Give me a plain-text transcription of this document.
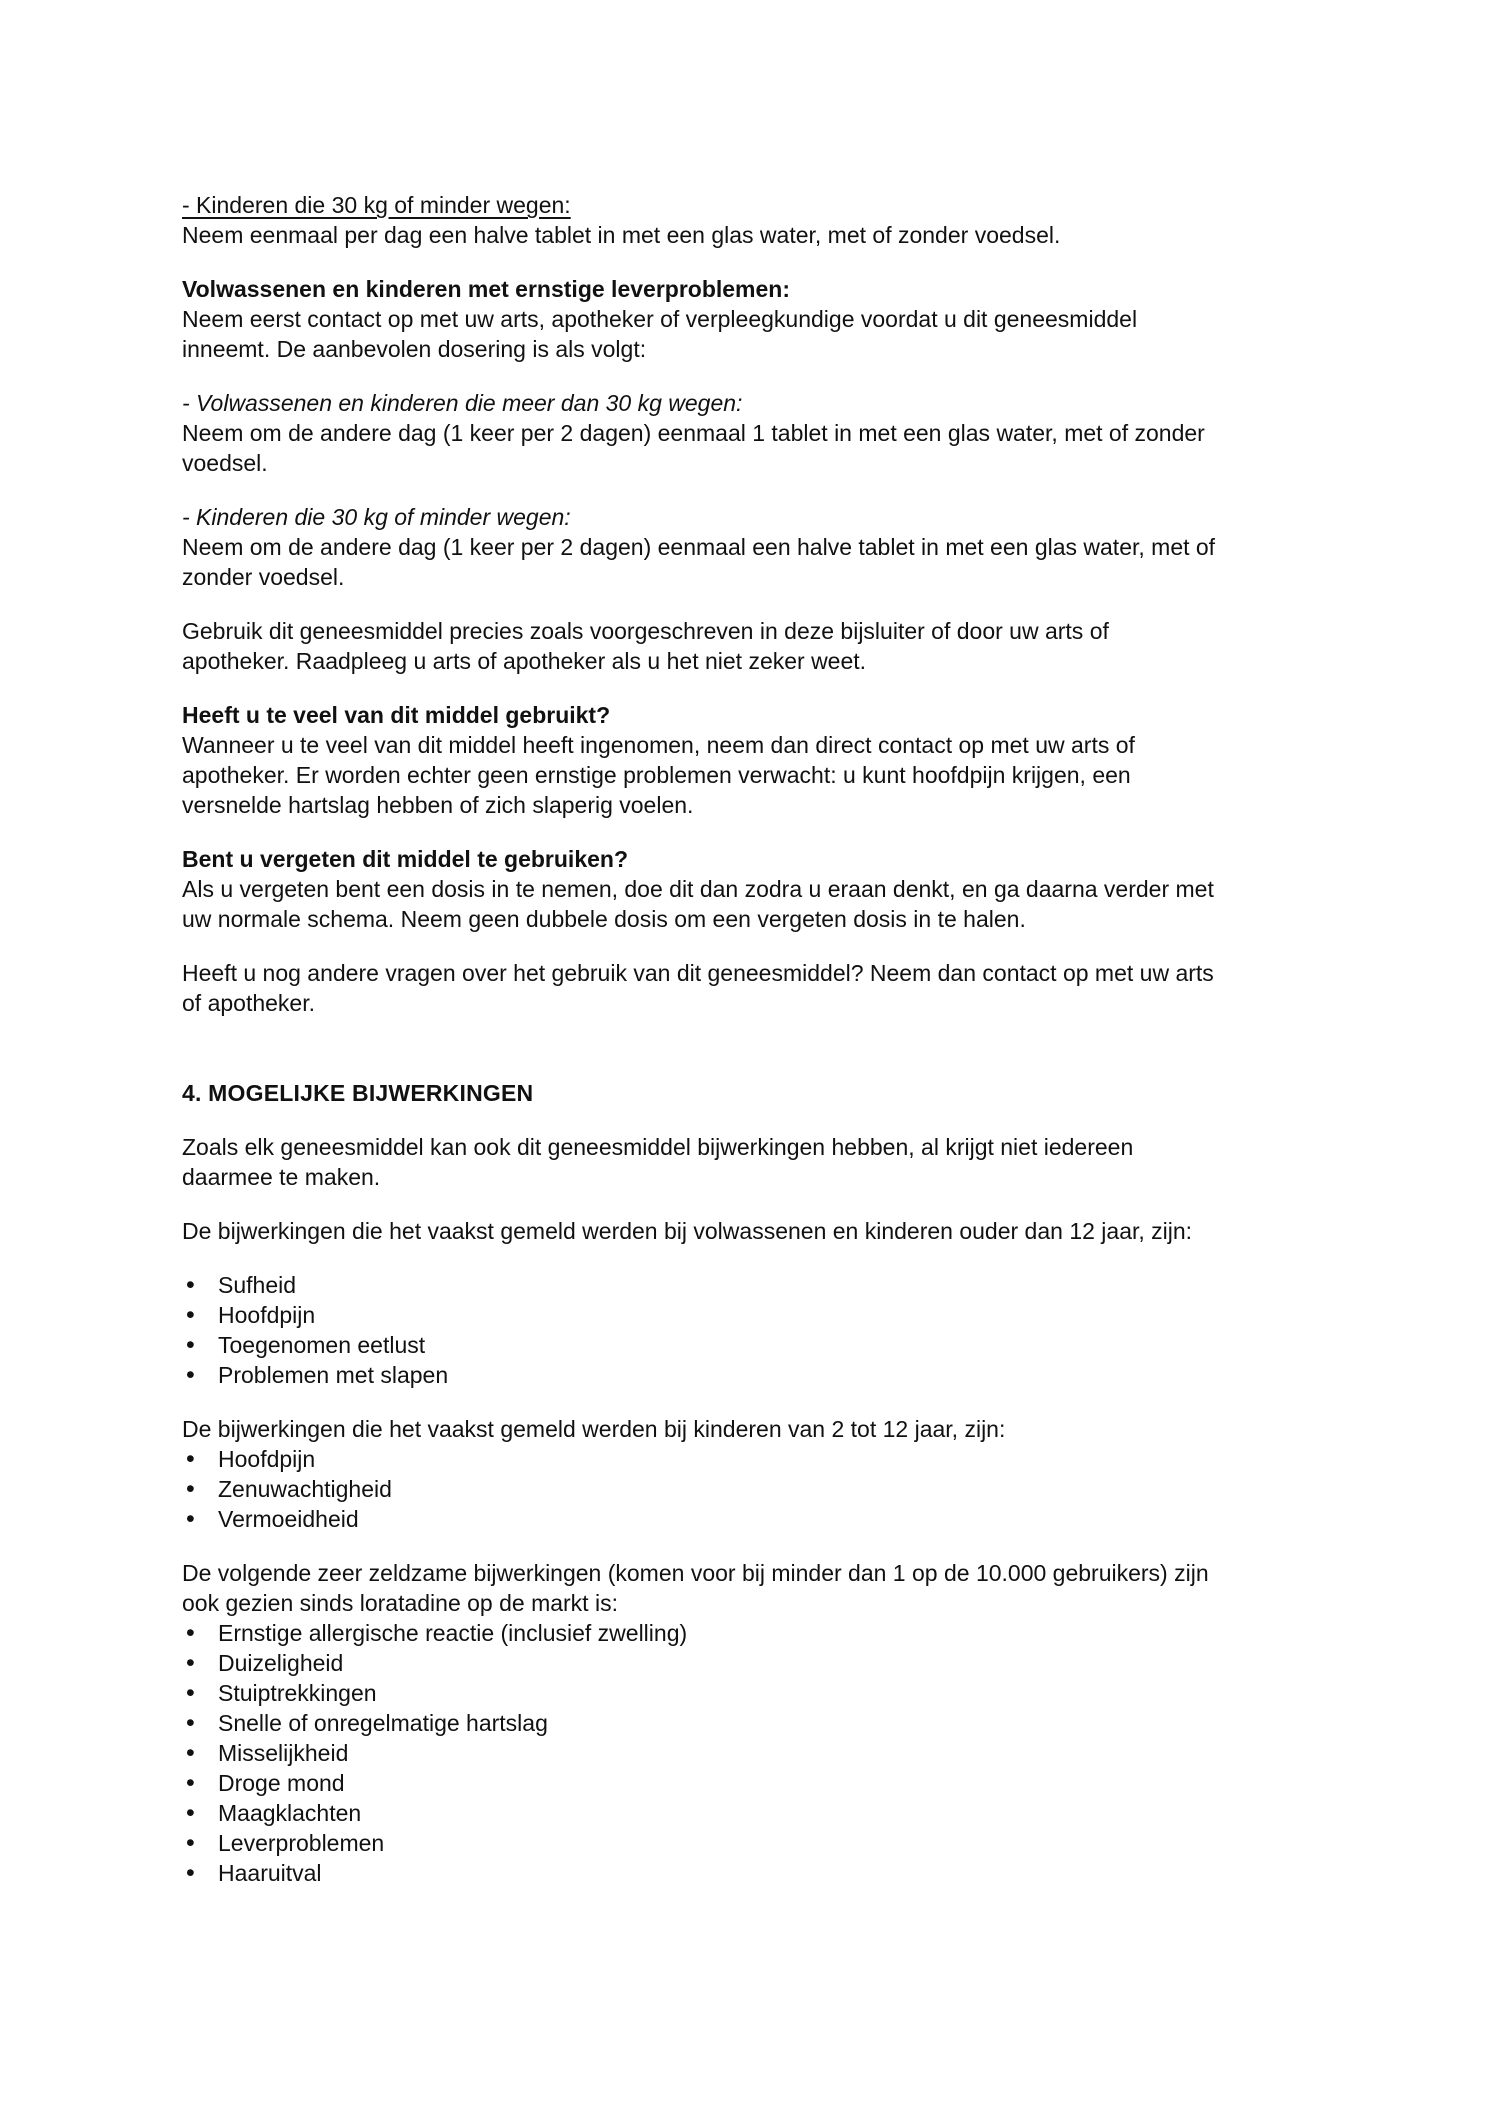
- Kinderen die 30 kg of minder wegen:
Neem eenmaal per dag een halve tablet in met een glas water, met of zonder voedsel.
Volwassenen en kinderen met ernstige leverproblemen:
Neem eerst contact op met uw arts, apotheker of verpleegkundige voordat u dit geneesmiddel
inneemt. De aanbevolen dosering is als volgt:
- Volwassenen en kinderen die meer dan 30 kg wegen:
Neem om de andere dag (1 keer per 2 dagen) eenmaal 1 tablet in met een glas water, met of zonder
voedsel.
- Kinderen die 30 kg of minder wegen:
Neem om de andere dag (1 keer per 2 dagen) eenmaal een halve tablet in met een glas water, met of
zonder voedsel.
Gebruik dit geneesmiddel precies zoals voorgeschreven in deze bijsluiter of door uw arts of
apotheker. Raadpleeg u arts of apotheker als u het niet zeker weet.
Heeft u te veel van dit middel gebruikt?
Wanneer u te veel van dit middel heeft ingenomen, neem dan direct contact op met uw arts of
apotheker. Er worden echter geen ernstige problemen verwacht: u kunt hoofdpijn krijgen, een
versnelde hartslag hebben of zich slaperig voelen.
Bent u vergeten dit middel te gebruiken?
Als u vergeten bent een dosis in te nemen, doe dit dan zodra u eraan denkt, en ga daarna verder met
uw normale schema. Neem geen dubbele dosis om een vergeten dosis in te halen.
Heeft u nog andere vragen over het gebruik van dit geneesmiddel? Neem dan contact op met uw arts
of apotheker.
4. MOGELIJKE BIJWERKINGEN
Zoals elk geneesmiddel kan ook dit geneesmiddel bijwerkingen hebben, al krijgt niet iedereen
daarmee te maken.
De bijwerkingen die het vaakst gemeld werden bij volwassenen en kinderen ouder dan 12 jaar, zijn:
•	Sufheid
•	Hoofdpijn
•	Toegenomen eetlust
•	Problemen met slapen
De bijwerkingen die het vaakst gemeld werden bij kinderen van 2 tot 12 jaar, zijn:
•	Hoofdpijn
•	Zenuwachtigheid
•	Vermoeidheid
De volgende zeer zeldzame bijwerkingen (komen voor bij minder dan 1 op de 10.000 gebruikers) zijn
ook gezien sinds loratadine op de markt is:
•	Ernstige allergische reactie (inclusief zwelling)
•	Duizeligheid
•	Stuiptrekkingen
•	Snelle of onregelmatige hartslag
•	Misselijkheid
•	Droge mond
•	Maagklachten
•	Leverproblemen
•	Haaruitval
